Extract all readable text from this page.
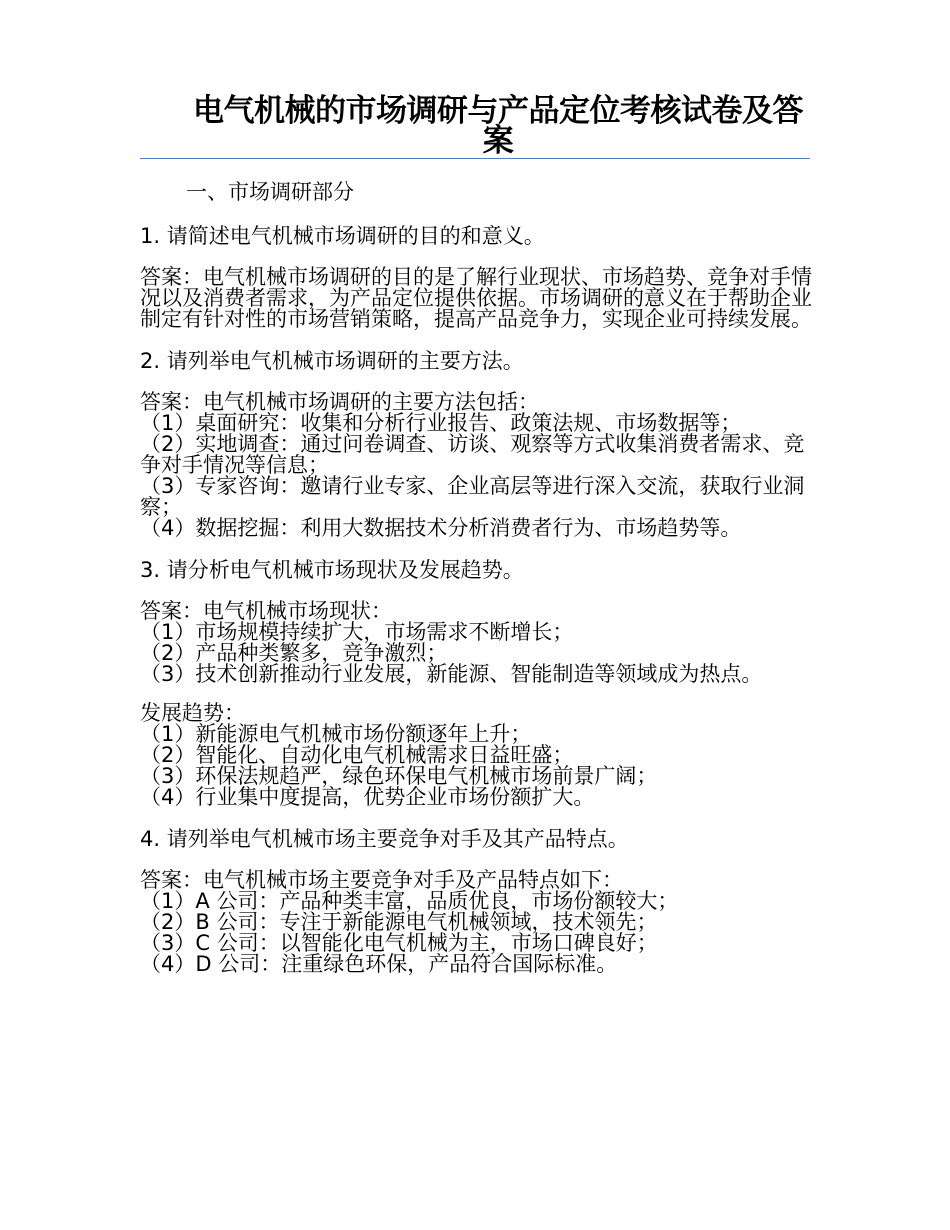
电气机械的市场调研与产品定位考核试卷及答案
一、市场调研部分
1. 请简述电气机械市场调研的目的和意义。
答案：电气机械市场调研的目的是了解行业现状、市场趋势、竞争对手情况以及消费者需求，为产品定位提供依据。市场调研的意义在于帮助企业制定有针对性的市场营销策略，提高产品竞争力，实现企业可持续发展。
2. 请列举电气机械市场调研的主要方法。
答案：电气机械市场调研的主要方法包括：
（1）桌面研究：收集和分析行业报告、政策法规、市场数据等；
（2）实地调查：通过问卷调查、访谈、观察等方式收集消费者需求、竞争对手情况等信息；
（3）专家咨询：邀请行业专家、企业高层等进行深入交流，获取行业洞察；
（4）数据挖掘：利用大数据技术分析消费者行为、市场趋势等。
3. 请分析电气机械市场现状及发展趋势。
答案：电气机械市场现状：
（1）市场规模持续扩大，市场需求不断增长；
（2）产品种类繁多，竞争激烈；
（3）技术创新推动行业发展，新能源、智能制造等领域成为热点。
发展趋势：
（1）新能源电气机械市场份额逐年上升；
（2）智能化、自动化电气机械需求日益旺盛；
（3）环保法规趋严，绿色环保电气机械市场前景广阔；
（4）行业集中度提高，优势企业市场份额扩大。
4. 请列举电气机械市场主要竞争对手及其产品特点。
答案：电气机械市场主要竞争对手及产品特点如下：
（1）A 公司：产品种类丰富，品质优良，市场份额较大；
（2）B 公司：专注于新能源电气机械领域，技术领先；
（3）C 公司：以智能化电气机械为主，市场口碑良好；
（4）D 公司：注重绿色环保，产品符合国际标准。
